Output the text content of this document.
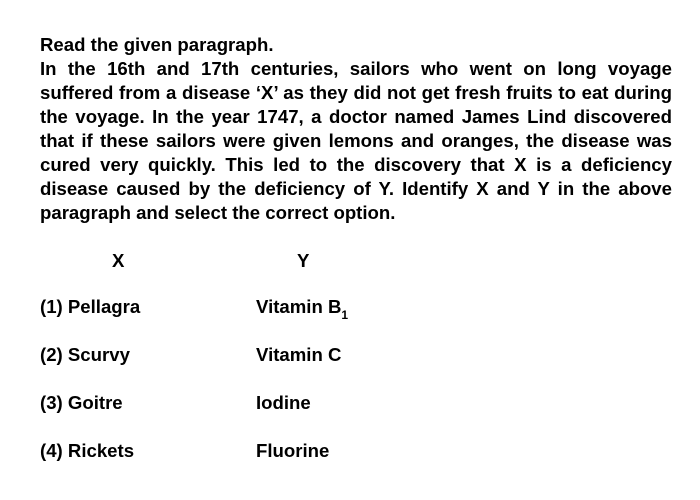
Read the given paragraph.

In the 16th and 17th centuries, sailors who went on long voyage suffered from a disease ‘X’ as they did not get fresh fruits to eat during the voyage. In the year 1747, a doctor named James Lind discovered that if these sailors were given lemons and oranges, the disease was cured very quickly. This led to the discovery that X is a deficiency disease caused by the deficiency of Y. Identify X and Y in the above paragraph and select the correct option.

X	Y
(1) Pellagra	Vitamin $B_1$
(2) Scurvy	Vitamin C
(3) Goitre	Iodine
(4) Rickets	Fluorine
